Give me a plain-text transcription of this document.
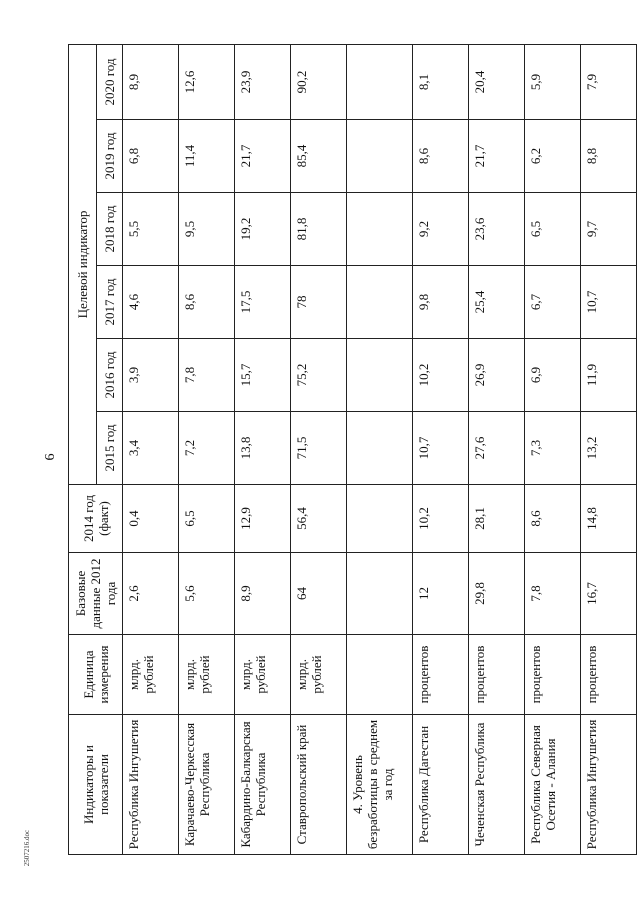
6
2507216.doc
Индикаторы и показатели	Единица измерения	Базовые данные 2012 года	2014 год (факт)	Целевой индикатор					
				2015 год	2016 год	2017 год	2018 год	2019 год	2020 год
Республика Ингушетия	млрд. рублей	2,6	0,4	3,4	3,9	4,6	5,5	6,8	8,9
Карачаево-Черкесская Республика	млрд. рублей	5,6	6,5	7,2	7,8	8,6	9,5	11,4	12,6
Кабардино-Балкарская Республика	млрд. рублей	8,9	12,9	13,8	15,7	17,5	19,2	21,7	23,9
Ставропольский край	млрд. рублей	64	56,4	71,5	75,2	78	81,8	85,4	90,2
4. Уровень безработицы в среднем за год									
Республика Дагестан	процентов	12	10,2	10,7	10,2	9,8	9,2	8,6	8,1
Чеченская Республика	процентов	29,8	28,1	27,6	26,9	25,4	23,6	21,7	20,4
Республика Северная Осетия - Алания	процентов	7,8	8,6	7,3	6,9	6,7	6,5	6,2	5,9
Республика Ингушетия	процентов	16,7	14,8	13,2	11,9	10,7	9,7	8,8	7,9
